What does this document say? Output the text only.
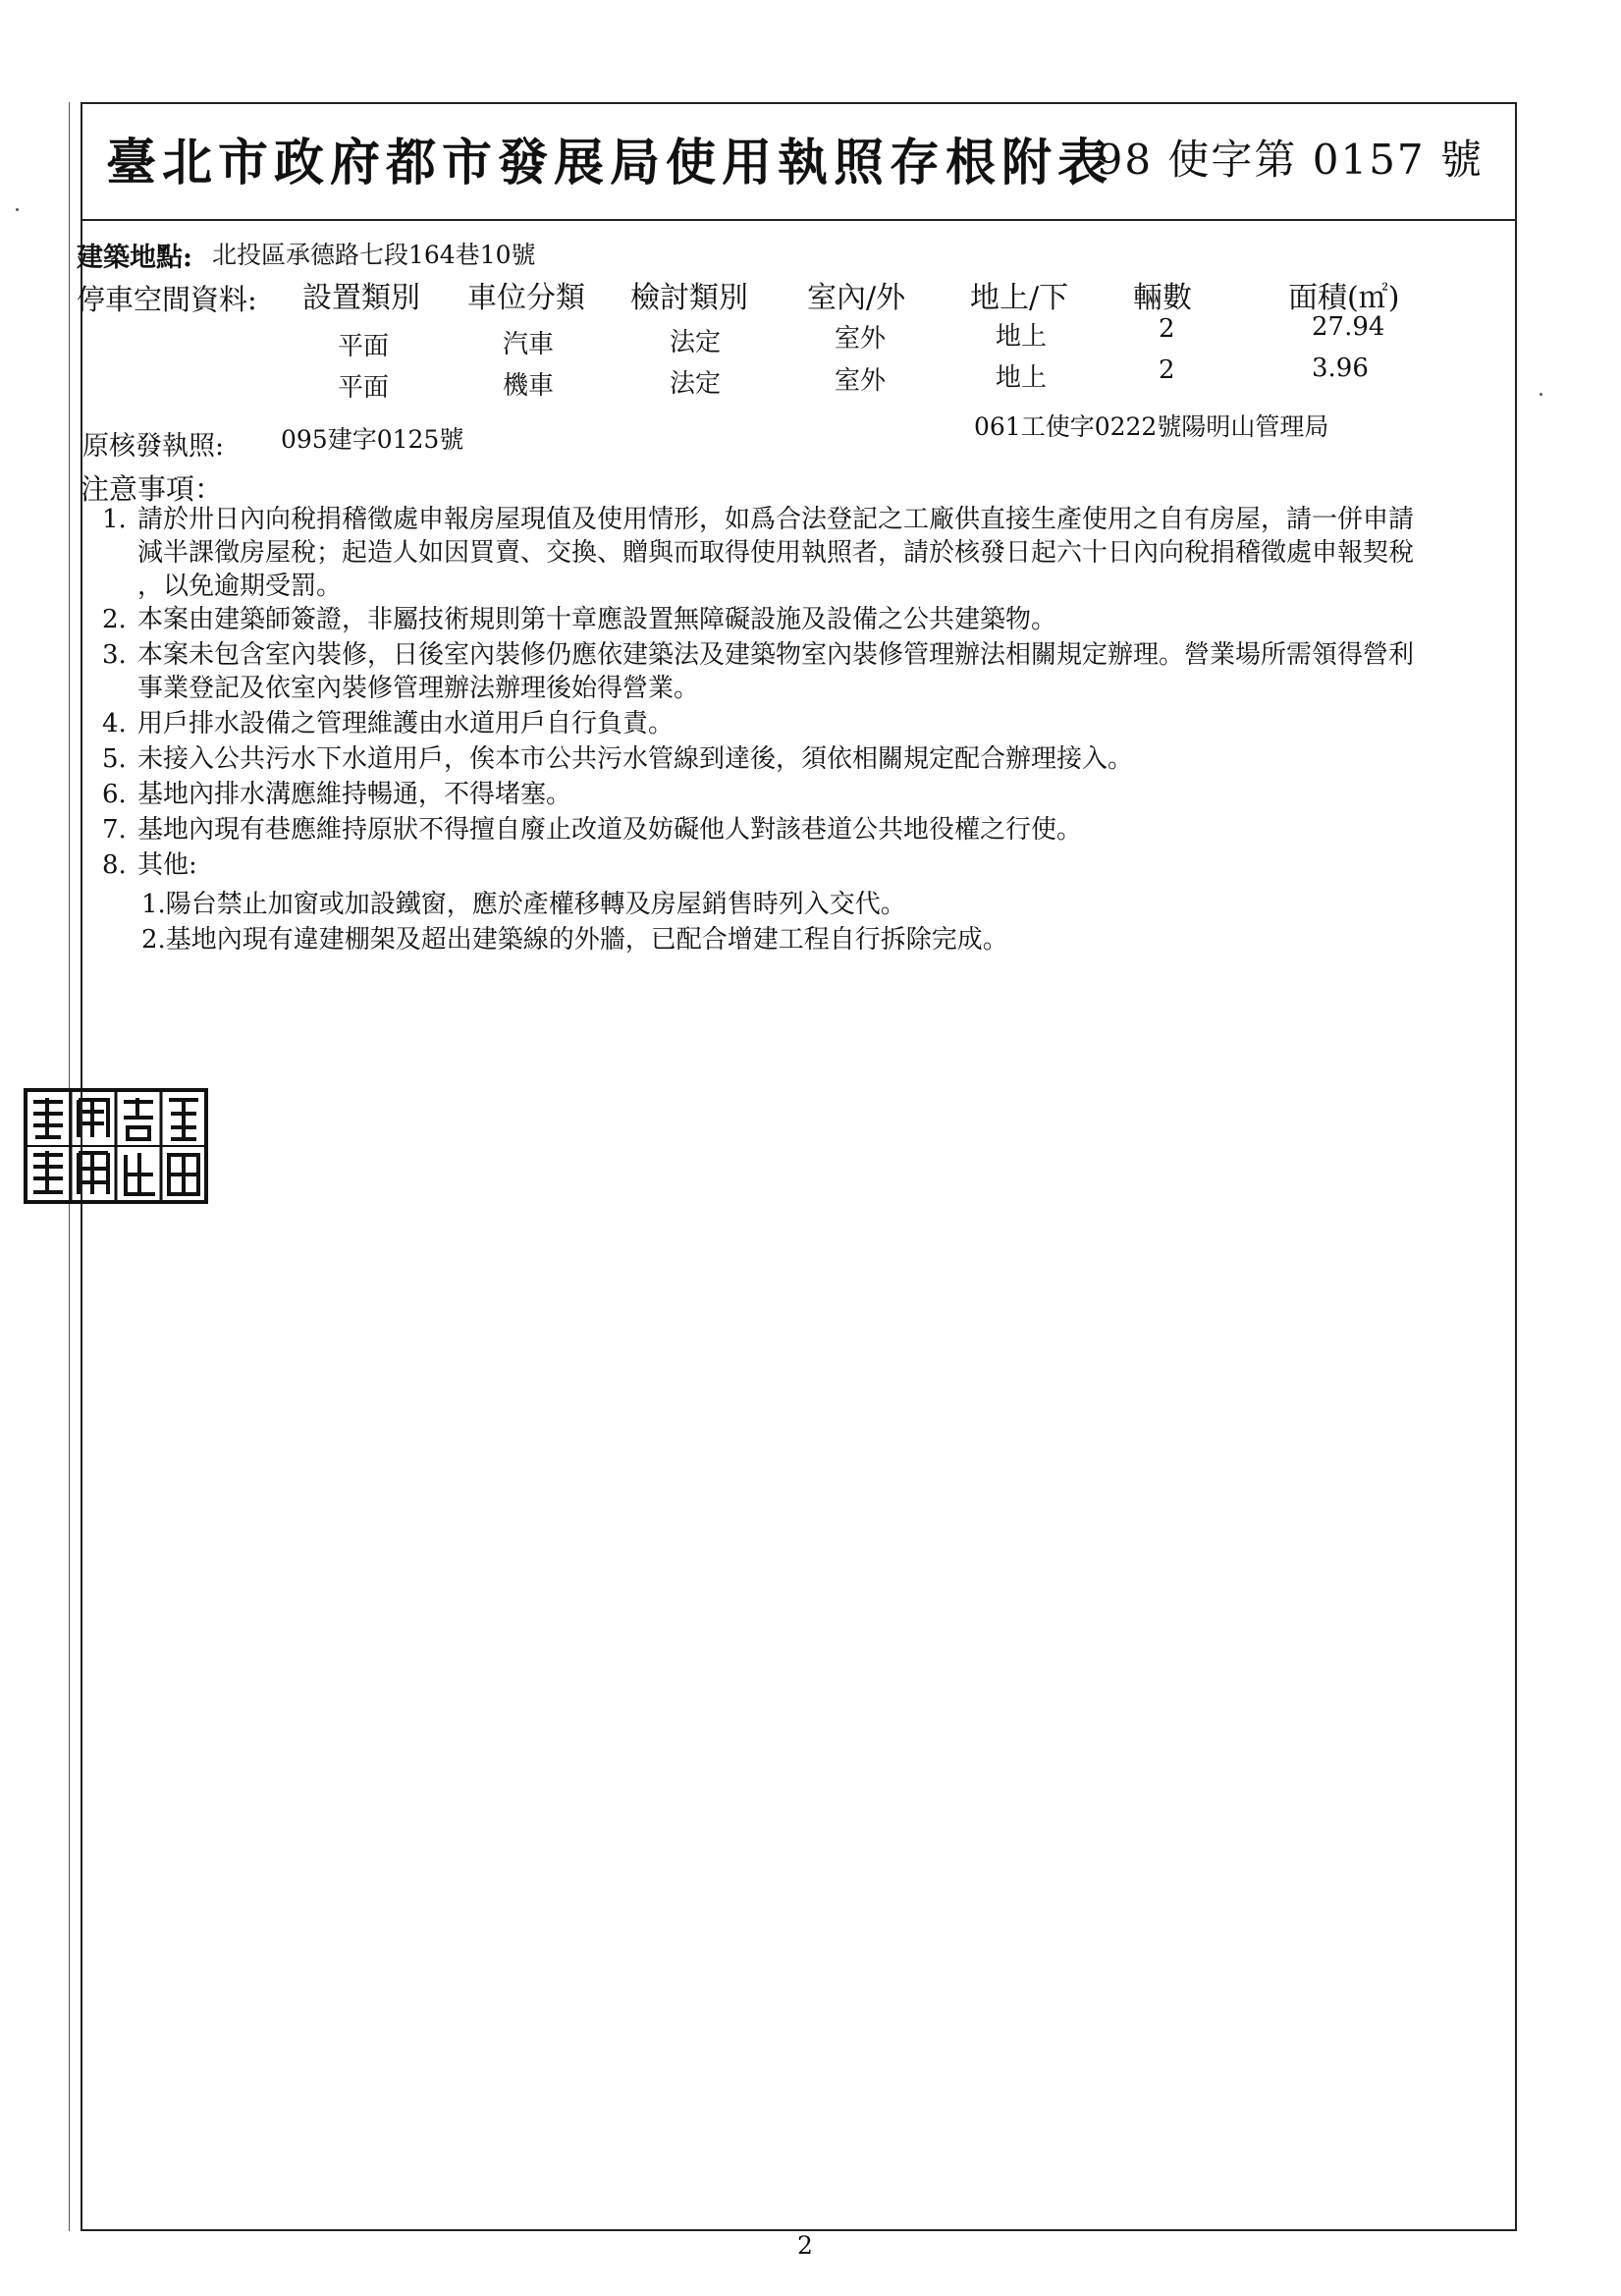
臺北市政府都市發展局使用執照存根附表
98 使字第 0157 號
建築地點: 北投區承德路七段164巷10號
停車空間資料: 設置類別 車位分類 檢討類別 室內/外 地上/下 輛數	面積(㎡)
平面	汽車	法定	室外	地上	2	27.94
平面	機車	法定	室外	地上	2	3.96
原核發執照: 095建字0125號	061工使字0222號陽明山管理局
注意事項：
1. 請於卅日內向稅捐稽徵處申報房屋現值及使用情形，如爲合法登記之工廠供直接生產使用之自有房屋，請一併申請
減半課徵房屋稅；起造人如因買賣、交換、贈與而取得使用執照者，請於核發日起六十日內向稅捐稽徵處申報契稅
，以免逾期受罰。
2. 本案由建築師簽證，非屬技術規則第十章應設置無障礙設施及設備之公共建築物。
3. 本案未包含室內裝修，日後室內裝修仍應依建築法及建築物室內裝修管理辦法相關規定辦理。營業場所需領得營利
事業登記及依室內裝修管理辦法辦理後始得營業。
4. 用戶排水設備之管理維護由水道用戶自行負責。
5. 未接入公共污水下水道用戶，俟本市公共污水管線到達後，須依相關規定配合辦理接入。
6. 基地內排水溝應維持暢通，不得堵塞。
7. 基地內現有巷應維持原狀不得擅自廢止改道及妨礙他人對該巷道公共地役權之行使。
8. 其他:
1.陽台禁止加窗或加設鐵窗，應於產權移轉及房屋銷售時列入交代。
2.基地內現有違建棚架及超出建築線的外牆，已配合增建工程自行拆除完成。
2
